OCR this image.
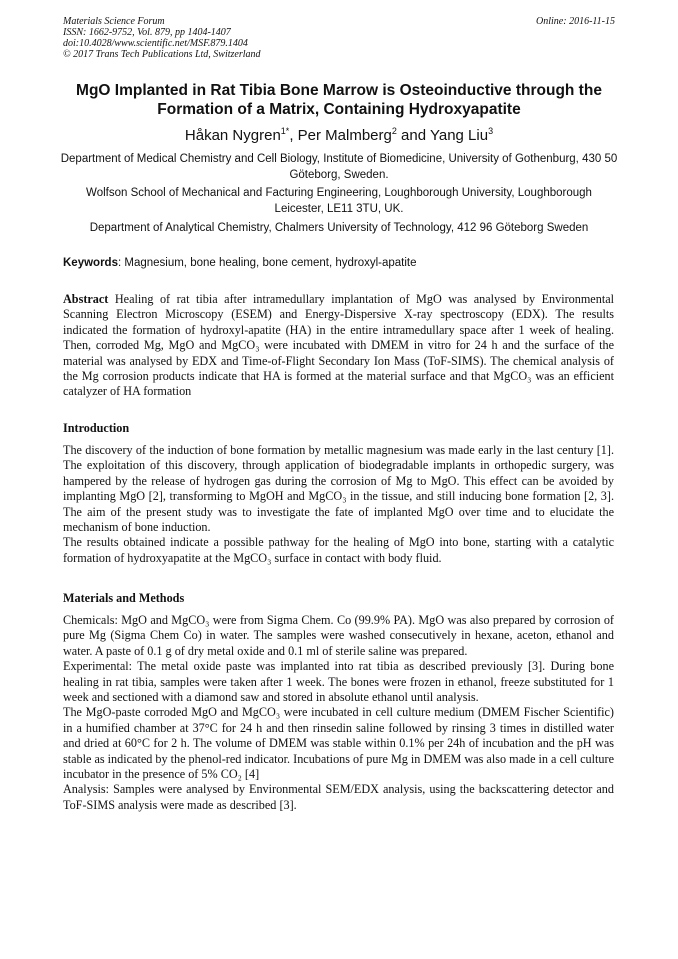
Materials Science Forum
ISSN: 1662-9752, Vol. 879, pp 1404-1407
doi:10.4028/www.scientific.net/MSF.879.1404
© 2017 Trans Tech Publications Ltd, Switzerland
Online: 2016-11-15
MgO Implanted in Rat Tibia Bone Marrow is Osteoinductive through the Formation of a Matrix, Containing Hydroxyapatite
Håkan Nygren$^{1*}$, Per Malmberg$^2$ and Yang Liu$^3$
Department of Medical Chemistry and Cell Biology, Institute of Biomedicine, University of Gothenburg, 430 50 Göteborg, Sweden.
Wolfson School of Mechanical and Facturing Engineering, Loughborough University, Loughborough Leicester, LE11 3TU, UK.
Department of Analytical Chemistry, Chalmers University of Technology, 412 96 Göteborg Sweden
Keywords: Magnesium, bone healing, bone cement, hydroxyl-apatite

Abstract Healing of rat tibia after intramedullary implantation of MgO was analysed by Environmental Scanning Electron Microscopy (ESEM) and Energy-Dispersive X-ray spectroscopy (EDX). The results indicated the formation of hydroxyl-apatite (HA) in the entire intramedullary space after 1 week of healing. Then, corroded Mg, MgO and MgCO₃ were incubated with DMEM in vitro for 24 h and the surface of the material was analysed by EDX and Time-of-Flight Secondary Ion Mass (ToF-SIMS). The chemical analysis of the Mg corrosion products indicate that HA is formed at the material surface and that MgCO₃ was an efficient catalyzer of HA formation

Introduction

The discovery of the induction of bone formation by metallic magnesium was made early in the last century [1]. The exploitation of this discovery, through application of biodegradable implants in orthopedic surgery, was hampered by the release of hydrogen gas during the corrosion of Mg to MgO. This effect can be avoided by implanting MgO [2], transforming to MgOH and MgCO₃ in the tissue, and still inducing bone formation [2, 3]. The aim of the present study was to investigate the fate of implanted MgO over time and to elucidate the mechanism of bone induction.

The results obtained indicate a possible pathway for the healing of MgO into bone, starting with a catalytic formation of hydroxyapatite at the MgCO₃ surface in contact with body fluid.

Materials and Methods

Chemicals: MgO and MgCO₃ were from Sigma Chem. Co (99.9% PA). MgO was also prepared by corrosion of pure Mg (Sigma Chem Co) in water. The samples were washed consecutively in hexane, aceton, ethanol and water. A paste of 0.1 g of dry metal oxide and 0.1 ml of sterile saline was prepared.

Experimental: The metal oxide paste was implanted into rat tibia as described previously [3]. During bone healing in rat tibia, samples were taken after 1 week. The bones were frozen in ethanol, freeze substituted for 1 week and sectioned with a diamond saw and stored in absolute ethanol until analysis.

The MgO-paste corroded MgO and MgCO₃ were incubated in cell culture medium (DMEM Fischer Scientific) in a humified chamber at 37°C for 24 h and then rinsedin saline followed by rinsing 3 times in distilled water and dried at 60°C for 2 h. The volume of DMEM was stable within 0.1% per 24h of incubation and the pH was stable as indicated by the phenol-red indicator. Incubations of pure Mg in DMEM was also made in a cell culture incubator in the presence of 5% CO₂ [4]

Analysis: Samples were analysed by Environmental SEM/EDX analysis, using the backscattering detector and ToF-SIMS analysis were made as described [3].
